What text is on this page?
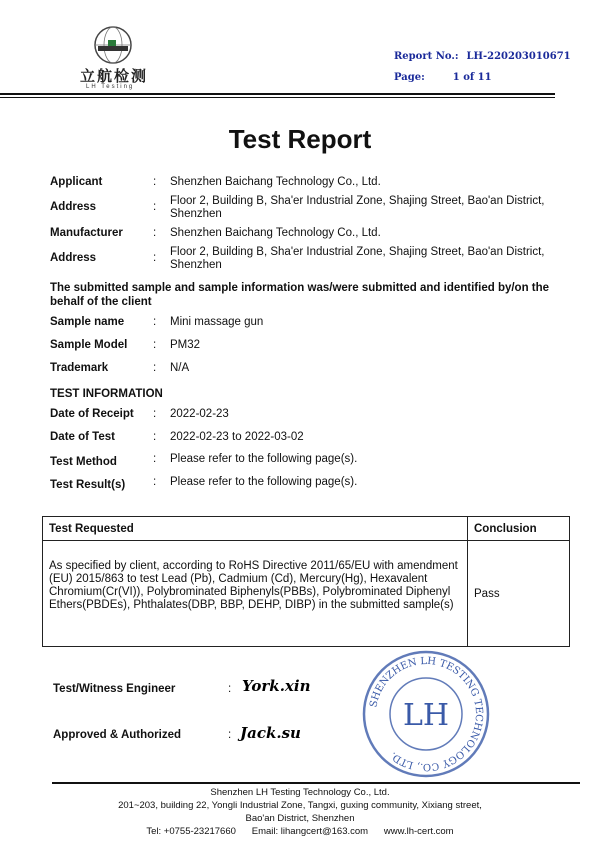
立航检测
LH Testing
Report No.: LH-220203010671
Page:	1 of 11
Test Report
Applicant	: Shenzhen Baichang Technology Co., Ltd.
Address	: Floor 2, Building B, Sha'er Industrial Zone, Shajing Street, Bao'an District, Shenzhen
Manufacturer	: Shenzhen Baichang Technology Co., Ltd.
Address	: Floor 2, Building B, Sha'er Industrial Zone, Shajing Street, Bao'an District, Shenzhen
The submitted sample and sample information was/were submitted and identified by/on the behalf of the client
Sample name	: Mini massage gun
Sample Model : PM32
Trademark	: N/A
TEST INFORMATION
Date of Receipt : 2022-02-23
Date of Test	: 2022-02-23 to 2022-03-02
Test Method	: Please refer to the following page(s).
Test Result(s) : Please refer to the following page(s).
Test Requested	Conclusion
As specified by client, according to RoHS Directive 2011/65/EU with amendment (EU) 2015/863 to test Lead (Pb), Cadmium (Cd), Mercury(Hg), Hexavalent Chromium(Cr(VI)), Polybrominated Biphenyls(PBBs), Polybrominated Diphenyl Ethers(PBDEs), Phthalates(DBP, BBP, DEHP, DIBP) in the submitted sample(s)	Pass
SHENZHEN LH TESTING TECHNOLOGY CO., LTD.
LH
Test/Witness Engineer	: York.xin
Approved & Authorized	: Jack.su
Shenzhen LH Testing Technology Co., Ltd.
201~203, building 22, Yongli Industrial Zone, Tangxi, guxing community, Xixiang street,
Bao'an District, Shenzhen
Tel: +0755-23217660 Email: lihangcert@163.com www.lh-cert.com
